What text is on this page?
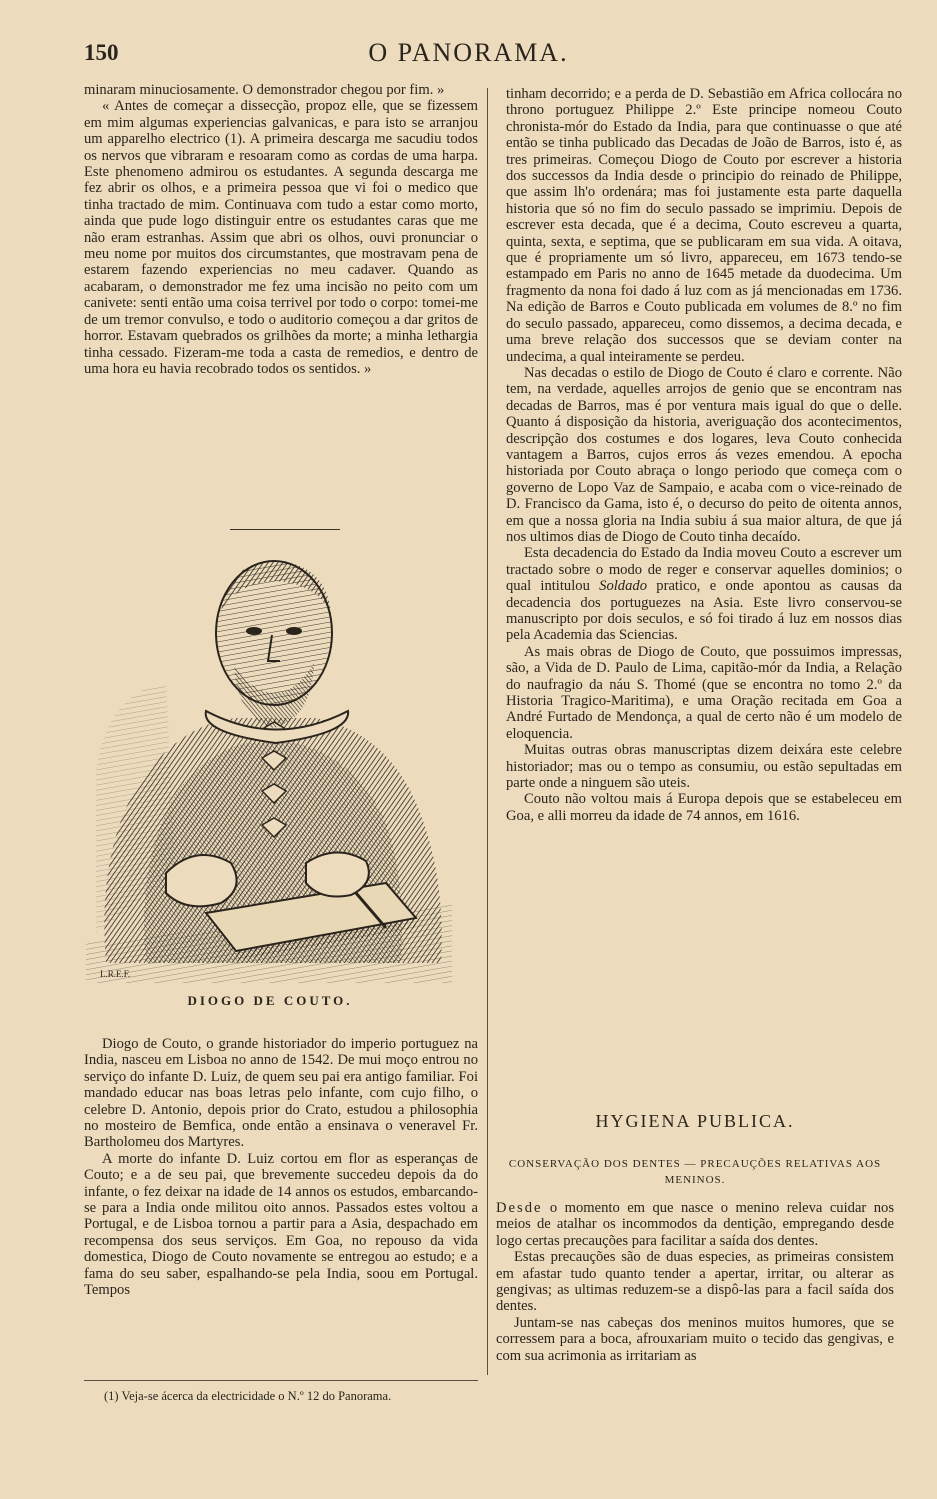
150	O PANORAMA.

minaram minuciosamente. O demonstrador chegou por fim. »

« Antes de começar a dissecção, propoz elle, que se fizessem em mim algumas experiencias galvanicas, e para isto se arranjou um apparelho electrico (1). A primeira descarga me sacudiu todos os nervos que vibraram e resoaram como as cordas de uma harpa. Este phenomeno admirou os estudantes. A segunda descarga me fez abrir os olhos, e a primeira pessoa que vi foi o medico que tinha tractado de mim. Continuava com tudo a estar como morto, ainda que pude logo distinguir entre os estudantes caras que me não eram estranhas. Assim que abri os olhos, ouvi pronunciar o meu nome por muitos dos circumstantes, que mostravam pena de estarem fazendo experiencias no meu cadaver. Quando as acabaram, o demonstrador me fez uma incisão no peito com um canivete: senti então uma coisa terrivel por todo o corpo: tomei-me de um tremor convulso, e todo o auditorio começou a dar gritos de horror. Estavam quebrados os grilhões da morte; a minha lethargia tinha cessado. Fizeram-me toda a casta de remedios, e dentro de uma hora eu havia recobrado todos os sentidos. »

L.R.E.F.
DIOGO DE COUTO.

Diogo de Couto, o grande historiador do imperio portuguez na India, nasceu em Lisboa no anno de 1542. De mui moço entrou no serviço do infante D. Luiz, de quem seu pai era antigo familiar. Foi mandado educar nas boas letras pelo infante, com cujo filho, o celebre D. Antonio, depois prior do Crato, estudou a philosophia no mosteiro de Bemfica, onde então a ensinava o veneravel Fr. Bartholomeu dos Martyres.

A morte do infante D. Luiz cortou em flor as esperanças de Couto; e a de seu pai, que brevemente succedeu depois da do infante, o fez deixar na idade de 14 annos os estudos, embarcando-se para a India onde militou oito annos. Passados estes voltou a Portugal, e de Lisboa tornou a partir para a Asia, despachado em recompensa dos seus serviços. Em Goa, no repouso da vida domestica, Diogo de Couto novamente se entregou ao estudo; e a fama do seu saber, espalhando-se pela India, soou em Portugal. Tempos

(1) Veja-se ácerca da electricidade o N.º 12 do Panorama.

tinham decorrido; e a perda de D. Sebastião em Africa collocára no throno portuguez Philippe 2.º Este principe nomeou Couto chronista-mór do Estado da India, para que continuasse o que até então se tinha publicado das Decadas de João de Barros, isto é, as tres primeiras. Começou Diogo de Couto por escrever a historia dos successos da India desde o principio do reinado de Philippe, que assim lh'o ordenára; mas foi justamente esta parte daquella historia que só no fim do seculo passado se imprimiu. Depois de escrever esta decada, que é a decima, Couto escreveu a quarta, quinta, sexta, e septima, que se publicaram em sua vida. A oitava, que é propriamente um só livro, appareceu, em 1673 tendo-se estampado em Paris no anno de 1645 metade da duodecima. Um fragmento da nona foi dado á luz com as já mencionadas em 1736. Na edição de Barros e Couto publicada em volumes de 8.º no fim do seculo passado, appareceu, como dissemos, a decima decada, e uma breve relação dos successos que se deviam conter na undecima, a qual inteiramente se perdeu.

Nas decadas o estilo de Diogo de Couto é claro e corrente. Não tem, na verdade, aquelles arrojos de genio que se encontram nas decadas de Barros, mas é por ventura mais igual do que o delle. Quanto á disposição da historia, averiguação dos acontecimentos, descripção dos costumes e dos logares, leva Couto conhecida vantagem a Barros, cujos erros ás vezes emendou. A epocha historiada por Couto abraça o longo periodo que começa com o governo de Lopo Vaz de Sampaio, e acaba com o vice-reinado de D. Francisco da Gama, isto é, o decurso do peito de oitenta annos, em que a nossa gloria na India subiu á sua maior altura, de que já nos ultimos dias de Diogo de Couto tinha decaído.

Esta decadencia do Estado da India moveu Couto a escrever um tractado sobre o modo de reger e conservar aquelles dominios; o qual intitulou Soldado pratico, e onde apontou as causas da decadencia dos portuguezes na Asia. Este livro conservou-se manuscripto por dois seculos, e só foi tirado á luz em nossos dias pela Academia das Sciencias.

As mais obras de Diogo de Couto, que possuimos impressas, são, a Vida de D. Paulo de Lima, capitão-mór da India, a Relação do naufragio da náu S. Thomé (que se encontra no tomo 2.º da Historia Tragico-Maritima), e uma Oração recitada em Goa a André Furtado de Mendonça, a qual de certo não é um modelo de eloquencia.

Muitas outras obras manuscriptas dizem deixára este celebre historiador; mas ou o tempo as consumiu, ou estão sepultadas em parte onde a ninguem são uteis.

Couto não voltou mais á Europa depois que se estabeleceu em Goa, e alli morreu da idade de 74 annos, em 1616.

HYGIENA PUBLICA.
CONSERVAÇÃO DOS DENTES — PRECAUÇÕES RELATIVAS AOS MENINOS.

Desde o momento em que nasce o menino releva cuidar nos meios de atalhar os incommodos da dentição, empregando desde logo certas precauções para facilitar a saída dos dentes.

Estas precauções são de duas especies, as primeiras consistem em afastar tudo quanto tender a apertar, irritar, ou alterar as gengivas; as ultimas reduzem-se a dispô-las para a facil saída dos dentes.

Juntam-se nas cabeças dos meninos muitos humores, que se corressem para a boca, afrouxariam muito o tecido das gengivas, e com sua acrimonia as irritariam as
